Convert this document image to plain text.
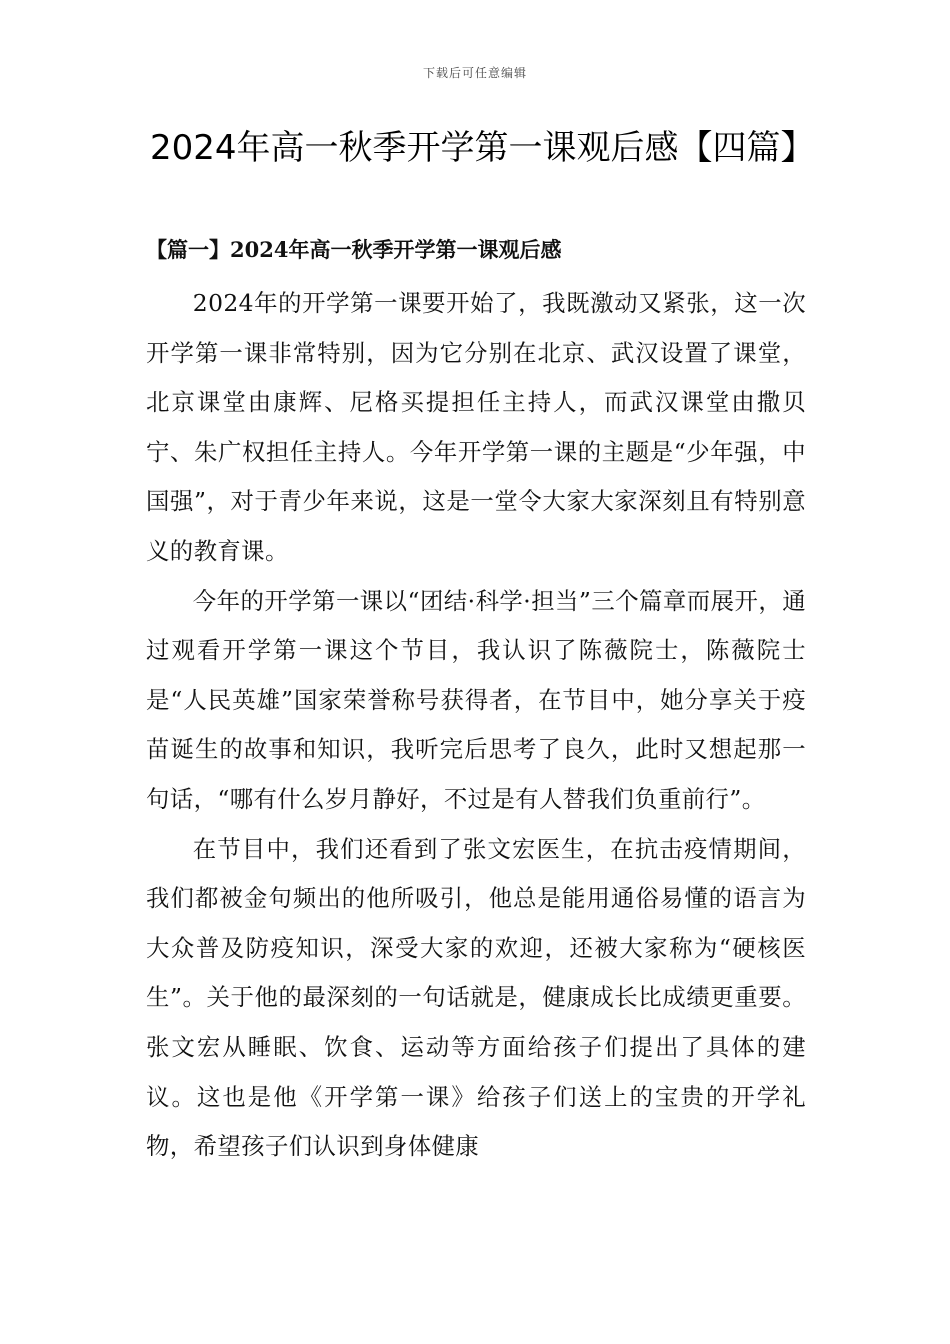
下载后可任意编辑
2024年高一秋季开学第一课观后感【四篇】
【篇一】2024年高一秋季开学第一课观后感

2024年的开学第一课要开始了，我既激动又紧张，这一次开学第一课非常特别，因为它分别在北京、武汉设置了课堂，北京课堂由康辉、尼格买提担任主持人，而武汉课堂由撒贝宁、朱广权担任主持人。今年开学第一课的主题是“少年强，中国强”，对于青少年来说，这是一堂令大家大家深刻且有特别意义的教育课。

今年的开学第一课以“团结·科学·担当”三个篇章而展开，通过观看开学第一课这个节目，我认识了陈薇院士，陈薇院士是“人民英雄”国家荣誉称号获得者，在节目中，她分享关于疫苗诞生的故事和知识，我听完后思考了良久，此时又想起那一句话，“哪有什么岁月静好，不过是有人替我们负重前行”。

在节目中，我们还看到了张文宏医生，在抗击疫情期间，我们都被金句频出的他所吸引，他总是能用通俗易懂的语言为大众普及防疫知识，深受大家的欢迎，还被大家称为“硬核医生”。关于他的最深刻的一句话就是，健康成长比成绩更重要。张文宏从睡眠、饮食、运动等方面给孩子们提出了具体的建议。这也是他《开学第一课》给孩子们送上的宝贵的开学礼物，希望孩子们认识到身体健康
